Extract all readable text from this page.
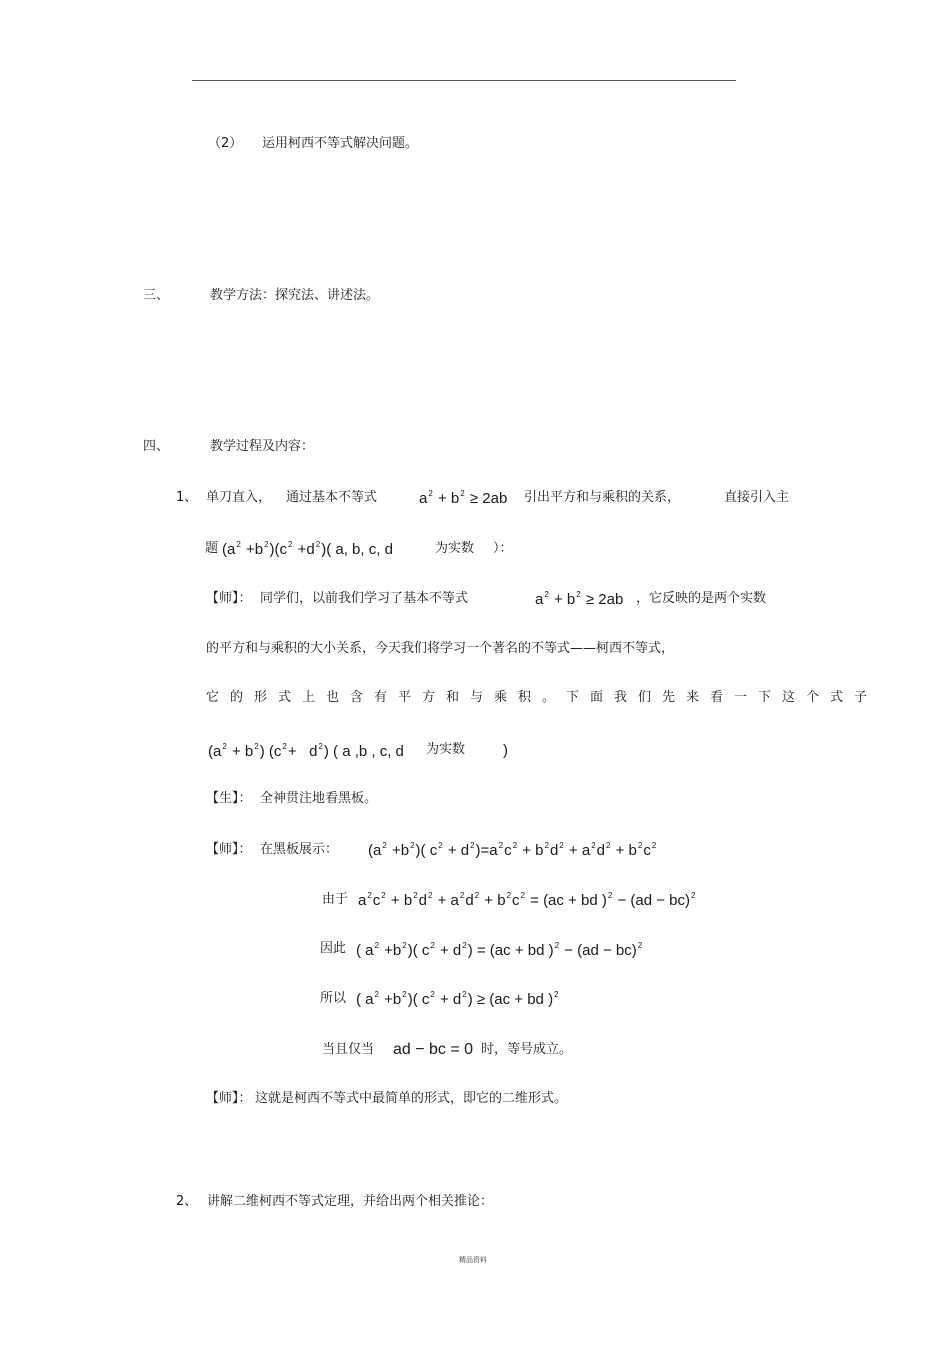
（2） 运用柯西不等式解决问题。
三、	教学方法：探究法、讲述法。
四、	教学过程及内容：
1、 单刀直入， 通过基本不等式	$a^2 + b^2 \ge 2ab$ 引出平方和与乘积的关系，	直接引入主
题 $(a^2 +b^2)(c^2 +d^2)$( a, b, c, d	为实数 ）：
【师】： 同学们，以前我们学习了基本不等式	$a^2 + b^2 \ge 2ab$ ，它反映的是两个实数
的平方和与乘积的大小关系，今天我们将学习一个著名的不等式——柯西不等式，
它的形式上也含有平方和与乘积。下面我们先来看一下这个式子
$(a^2 + b^2)$ $(c^2+ d^2)$ ( a ,b , c, d 为实数	)
【生】： 全神贯注地看黑板。
【师】： 在黑板展示： $(a^2 +b^2)$( $c^2 + d^2)=a^2c^2 + b^2d^2 + a^2d^2 + b^2c^2$
由于 $a^2c^2 + b^2d^2 + a^2d^2 + b^2c^2 = (ac$ + bd )$^2$ − (ad − bc)$^2$
因此 ( $a^2 +b^2$)( $c^2 + d^2) = (ac$ + bd )$^2$ − (ad − bc)$^2$
所以 ( $a^2 +b^2$)( $c^2 + d^2) \ge (ac$ + bd )$^2$
当且仅当 ad − bc = 0 时，等号成立。
【师】： 这就是柯西不等式中最简单的形式，即它的二维形式。
2、 讲解二维柯西不等式定理，并给出两个相关推论：
精品资料
